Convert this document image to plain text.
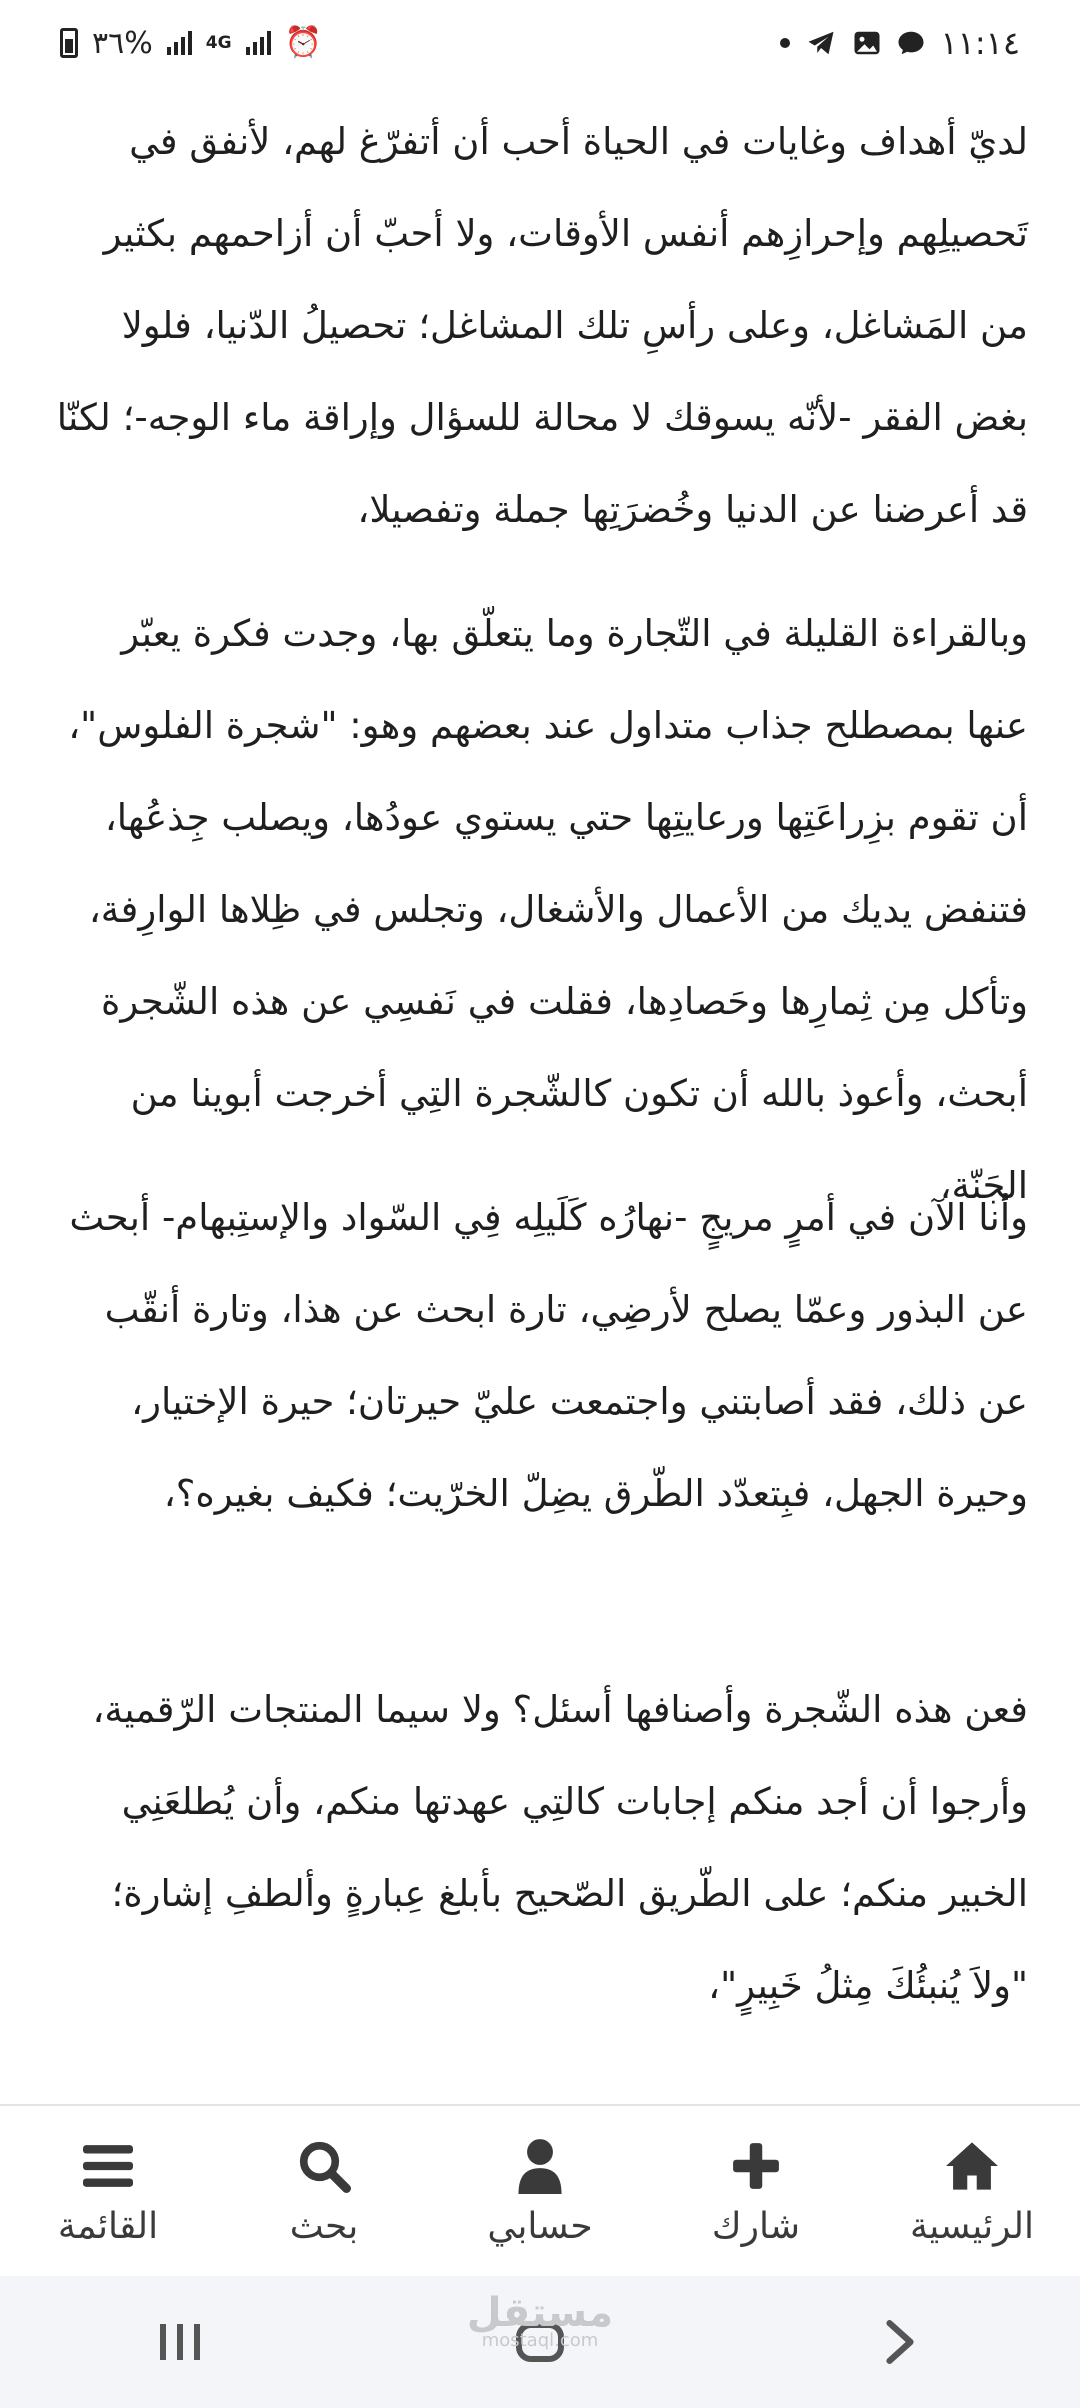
٣٦%	4G ⏰	١١:١٤

لديّ أهداف وغايات في الحياة أحب أن أتفرّغ لهم، لأنفق في تَحصيلِهم وإحرازِهم أنفس الأوقات، ولا أحبّ أن أزاحمهم بكثير من المَشاغل، وعلى رأسِ تلك المشاغل؛ تحصيلُ الدّنيا، فلولا بغض الفقر -لأنّه يسوقك لا محالة للسؤال وإراقة ماء الوجه-؛ لكنّا قد أعرضنا عن الدنيا وخُضرَتِها جملة وتفصيلا،

وبالقراءة القليلة في التّجارة وما يتعلّق بها، وجدت فكرة يعبّر عنها بمصطلح جذاب متداول عند بعضهم وهو: "شجرة الفلوس"، أن تقوم بزِراعَتِها ورعايتِها حتي يستوي عودُها، ويصلب جِذعُها، فتنفض يديك من الأعمال والأشغال، وتجلس في ظِلاها الوارِفة، وتأكل مِن ثِمارِها وحَصادِها، فقلت في نَفسِي عن هذه الشّجرة أبحث، وأعوذ بالله أن تكون كالشّجرة التِي أخرجت أبوينا من الجَنّة،

وأنا الآن في أمرٍ مريجٍ -نهارُه كَلَيلِه فِي السّواد والإستِبهام- أبحث عن البذور وعمّا يصلح لأرضِي، تارة ابحث عن هذا، وتارة أنقّب عن ذلك، فقد أصابتني واجتمعت عليّ حيرتان؛ حيرة الإختيار، وحيرة الجهل، فبِتعدّد الطّرق يضِلّ الخرّيت؛ فكيف بغيره؟،

فعن هذه الشّجرة وأصنافها أسئل؟ ولا سيما المنتجات الرّقمية، وأرجوا أن أجد منكم إجابات كالتِي عهدتها منكم، وأن يُطلعَنِي الخبير منكم؛ على الطّريق الصّحيح بأبلغ عِبارةٍ وألطفِ إشارة؛ "ولاَ يُنبئُكَ مِثلُ خَبِيرٍ"،

الرئيسية
شارك
حسابي
بحث
القائمة
مستقل
mostaql.com
